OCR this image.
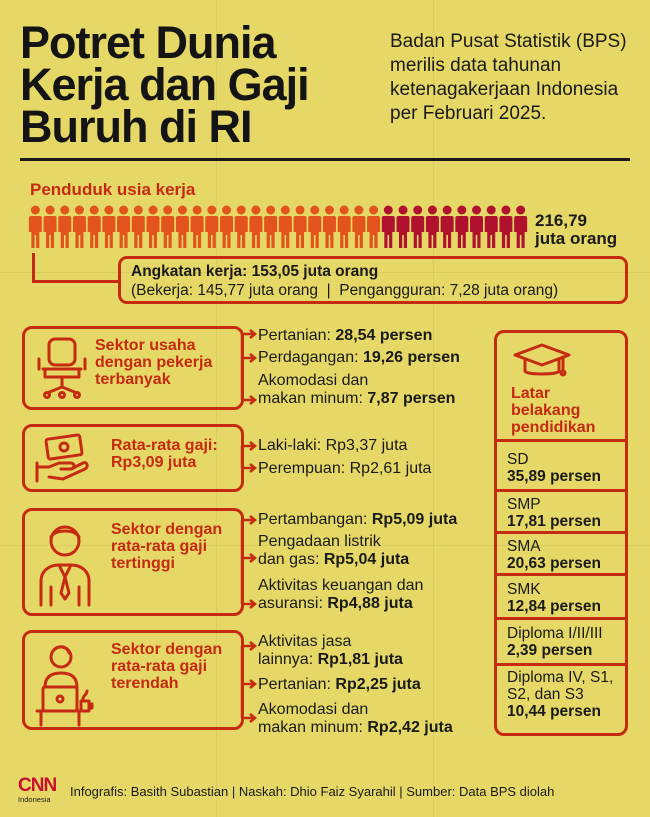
Potret Dunia Kerja dan Gaji Buruh di RI

Badan Pusat Statistik (BPS) merilis data tahunan ketenagakerjaan Indonesia per Februari 2025.

Penduduk usia kerja
216,79
juta orang
Angkatan kerja: 153,05 juta orang
(Bekerja: 145,77 juta orang | Pengangguran: 7,28 juta orang)
Sektor usaha dengan pekerja terbanyak
Pertanian: 28,54 persen
Perdagangan: 19,26 persen
Akomodasi dan
makan minum: 7,87 persen
Rata-rata gaji:
Rp3,09 juta
Laki-laki: Rp3,37 juta
Perempuan: Rp2,61 juta
Sektor dengan rata-rata gaji tertinggi
Pertambangan: Rp5,09 juta
Pengadaan listrik
dan gas: Rp5,04 juta
Aktivitas keuangan dan
asuransi: Rp4,88 juta
Sektor dengan rata-rata gaji terendah
Aktivitas jasa
lainnya: Rp1,81 juta
Pertanian: Rp2,25 juta
Akomodasi dan
makan minum: Rp2,42 juta
Latar belakang pendidikan
SD
35,89 persen
SMP
17,81 persen
SMA
20,63 persen
SMK
12,84 persen
Diploma I/II/III
2,39 persen
Diploma IV, S1, S2, dan S3
10,44 persen
CNN
Indonesia
Infografis: Basith Subastian | Naskah: Dhio Faiz Syarahil | Sumber: Data BPS diolah
